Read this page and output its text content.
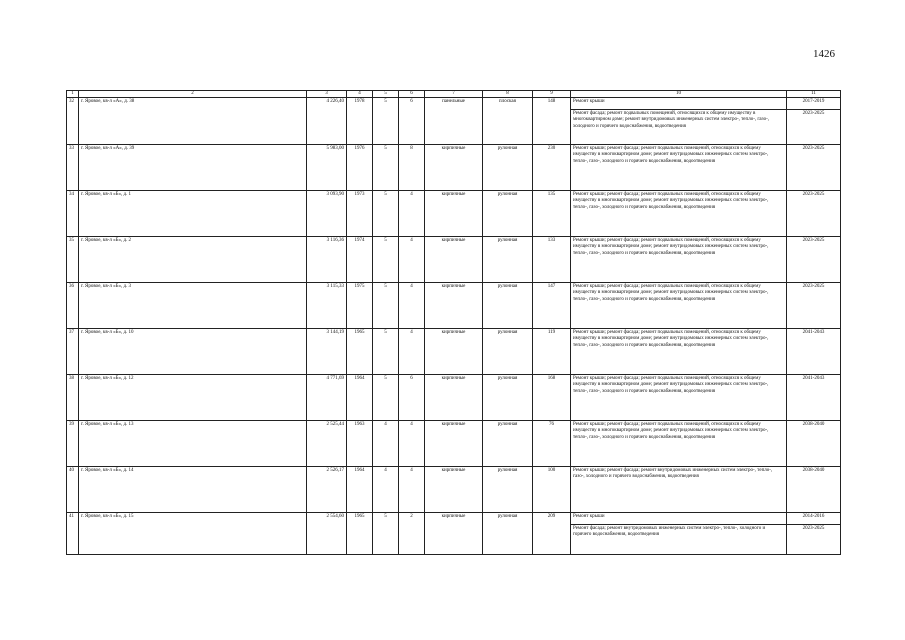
1426
1	2	3	4	5	6	7	8	9	10	11
32	г. Яровое, кв-л «А», д. 38	4 226,40	1978	5	6	панельные	плоская	148	Ремонт крыши	2017-2019
									Ремонт фасада; ремонт подвальных помещений, относящихся к общему имуществу в многоквартирном доме; ремонт внутридомовых инженерных систем электро-, тепло-, газо-, холодного и горячего водоснабжения, водоотведения	2023-2025
33	г. Яровое, кв-л «А», д. 39	5 983,00	1976	5	8	кирпичные	рулонная	230	Ремонт крыши; ремонт фасада; ремонт подвальных помещений, относящихся к общему имуществу в многоквартирном доме; ремонт внутридомовых инженерных систем электро-, тепло-, газо-, холодного и горячего водоснабжения, водоотведения	2023-2025
34	г. Яровое, кв-л «Б», д. 1	3 093,90	1973	5	4	кирпичные	рулонная	135	Ремонт крыши; ремонт фасада; ремонт подвальных помещений, относящихся к общему имуществу в многоквартирном доме; ремонт внутридомовых инженерных систем электро-, тепло-, газо-, холодного и горячего водоснабжения, водоотведения	2023-2025
35	г. Яровое, кв-л «Б», д. 2	3 116,36	1974	5	4	кирпичные	рулонная	133	Ремонт крыши; ремонт фасада; ремонт подвальных помещений, относящихся к общему имуществу в многоквартирном доме; ремонт внутридомовых инженерных систем электро-, тепло-, газо-, холодного и горячего водоснабжения, водоотведения	2023-2025
36	г. Яровое, кв-л «Б», д. 3	3 115,33	1975	5	4	кирпичные	рулонная	147	Ремонт крыши; ремонт фасада; ремонт подвальных помещений, относящихся к общему имуществу в многоквартирном доме; ремонт внутридомовых инженерных систем электро-, тепло-, газо-, холодного и горячего водоснабжения, водоотведения	2023-2025
37	г. Яровое, кв-л «Б», д. 10	3 144,19	1965	5	4	кирпичные	рулонная	119	Ремонт крыши; ремонт фасада; ремонт подвальных помещений, относящихся к общему имуществу в многоквартирном доме; ремонт внутридомовых инженерных систем электро-, тепло-, газо-, холодного и горячего водоснабжения, водоотведения	2041-2043
38	г. Яровое, кв-л «Б», д. 12	4 771,69	1964	5	6	кирпичные	рулонная	168	Ремонт крыши; ремонт фасада; ремонт подвальных помещений, относящихся к общему имуществу в многоквартирном доме; ремонт внутридомовых инженерных систем электро-, тепло-, газо-, холодного и горячего водоснабжения, водоотведения	2041-2043
39	г. Яровое, кв-л «Б», д. 13	2 525,44	1963	4	4	кирпичные	рулонная	76	Ремонт крыши; ремонт фасада; ремонт подвальных помещений, относящихся к общему имуществу в многоквартирном доме; ремонт внутридомовых инженерных систем электро-, тепло-, газо-, холодного и горячего водоснабжения, водоотведения	2038-2040
40	г. Яровое, кв-л «Б», д. 14	2 526,17	1964	4	4	кирпичные	рулонная	100	Ремонт крыши; ремонт фасада; ремонт внутридомовых инженерных систем электро-, тепло-, газо-, холодного и горячего водоснабжения, водоотведения	2038-2040
41	г. Яровое, кв-л «Б», д. 15	2 554,60	1965	5	2	кирпичные	рулонная	209	Ремонт крыши	2014-2016
									Ремонт фасада; ремонт внутридомовых инженерных систем электро-, тепло-, холодного и горячего водоснабжения, водоотведения	2023-2025
